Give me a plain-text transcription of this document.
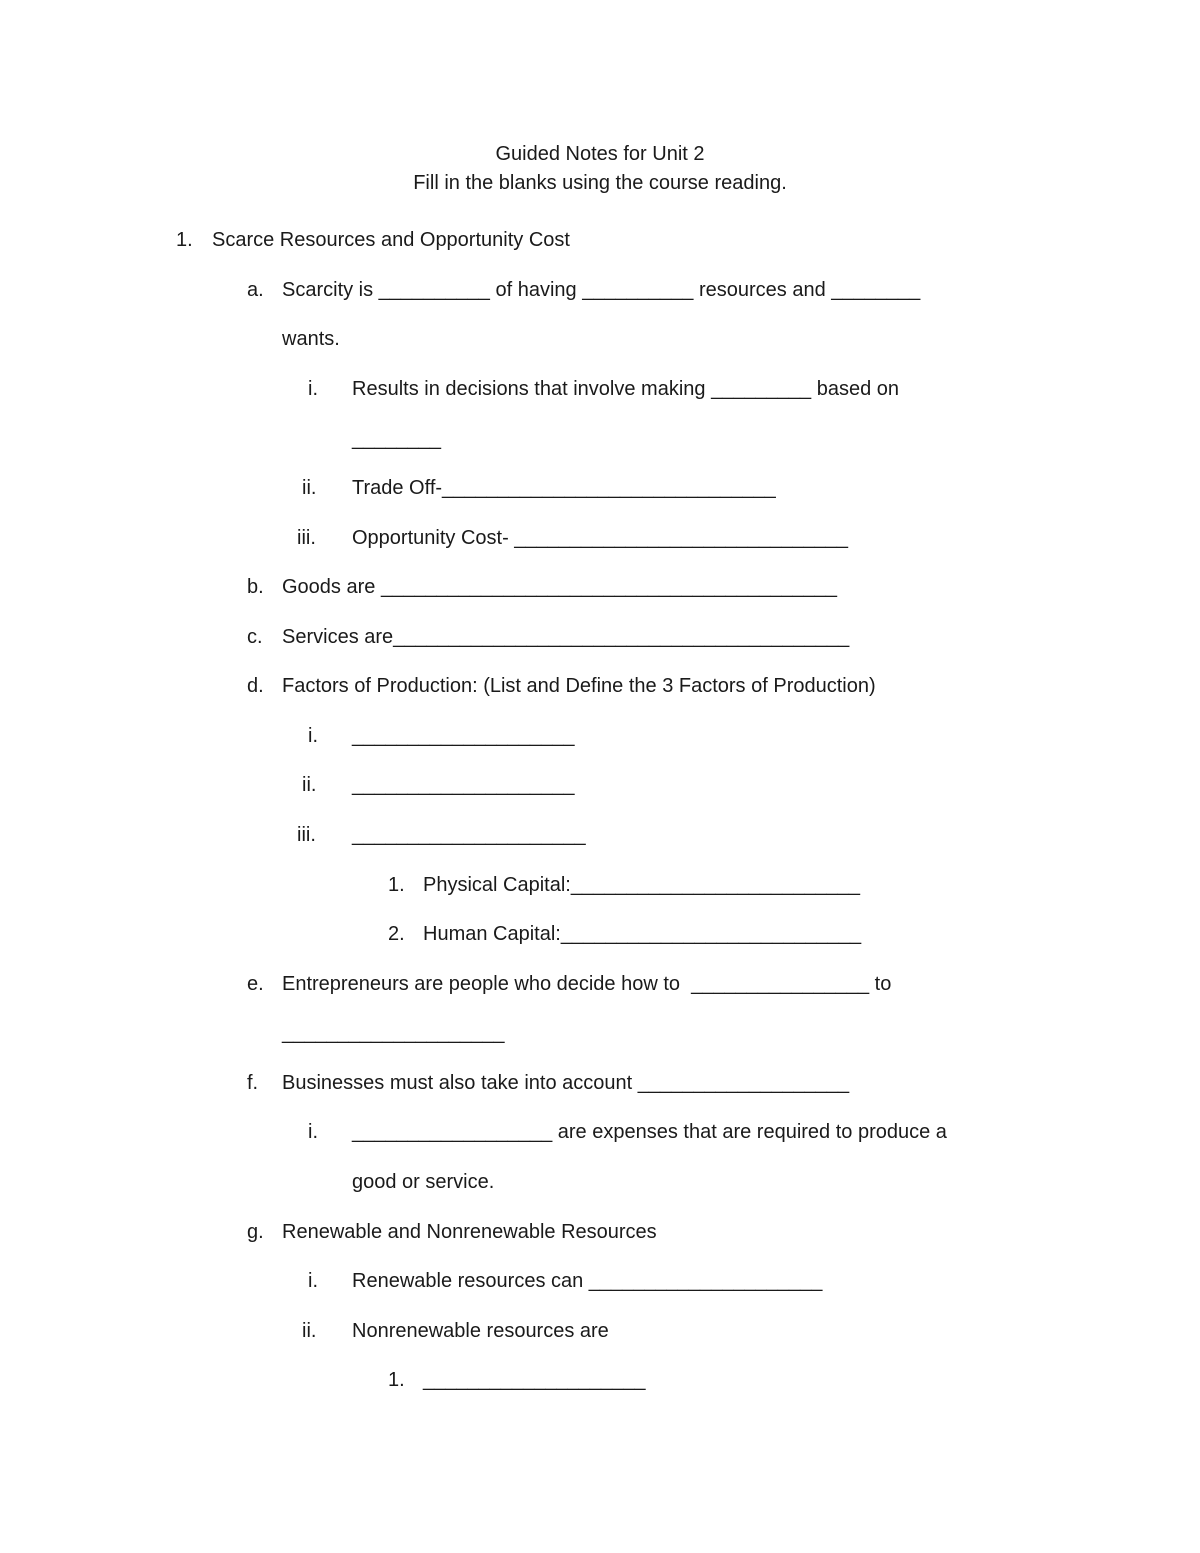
Guided Notes for Unit 2
Fill in the blanks using the course reading.
1. Scarce Resources and Opportunity Cost
a. Scarcity is __________ of having __________ resources and ________
wants.
i. Results in decisions that involve making _________ based on
________
ii. Trade Off-______________________________
iii. Opportunity Cost- ______________________________
b. Goods are _________________________________________
c. Services are_________________________________________
d. Factors of Production: (List and Define the 3 Factors of Production)
i. ____________________
ii. ____________________
iii. _____________________
1. Physical Capital:__________________________
2. Human Capital:___________________________
e. Entrepreneurs are people who decide how to  ________________ to
____________________
f. Businesses must also take into account ___________________
i. __________________ are expenses that are required to produce a
good or service.
g. Renewable and Nonrenewable Resources
i. Renewable resources can _____________________
ii. Nonrenewable resources are
1. ____________________
